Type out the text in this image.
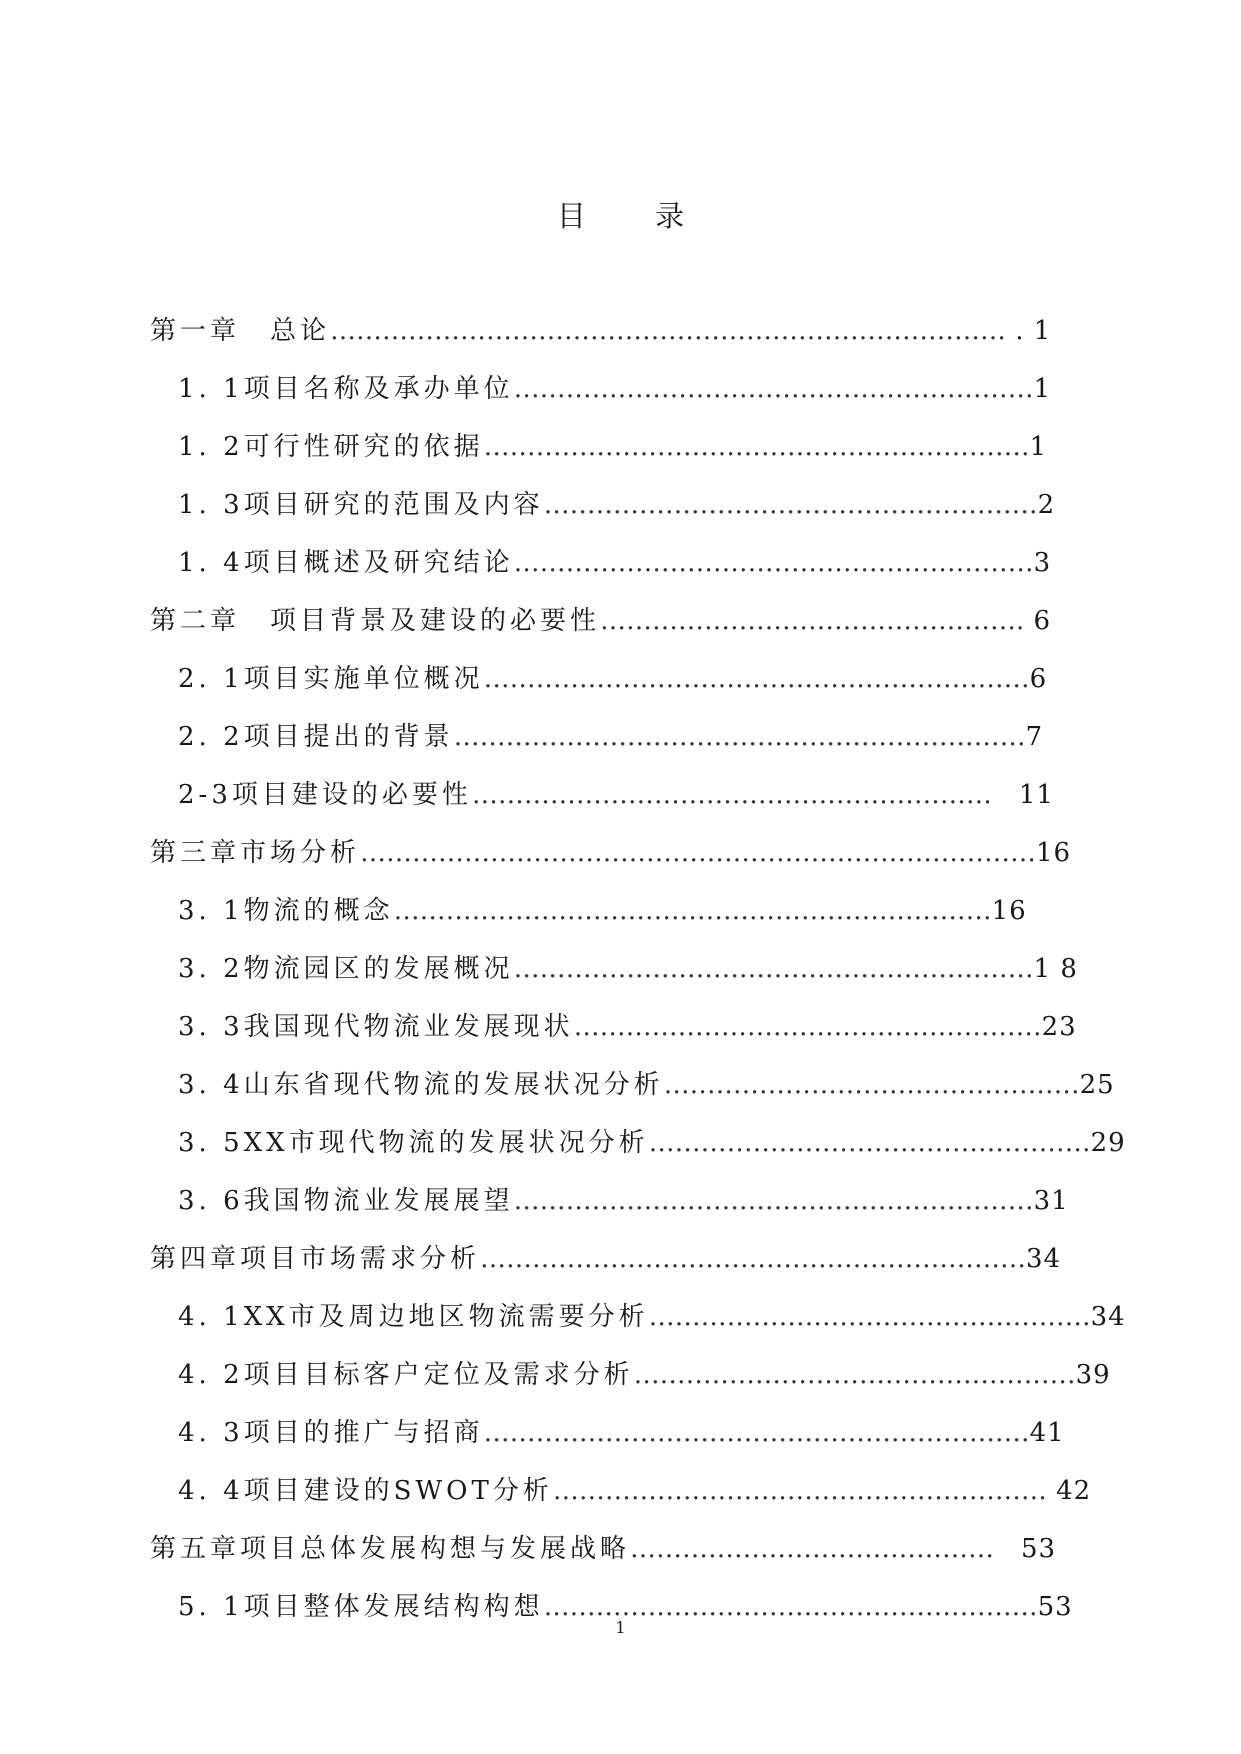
目 录
第一章　总论…………………………………………………………………… . 1
1. 1项目名称及承办单位……………………………………………………1
1. 2可行性研究的依据………………………………………………………1
1. 3项目研究的范围及内容…………………………………………………2
1. 4项目概述及研究结论……………………………………………………3
第二章　项目背景及建设的必要性…………………………………………. 6
2. 1项目实施单位概况………………………………………………………6
2. 2项目提出的背景…………………………………………………………7
2-3项目建设的必要性……………………………………………………　11
第三章市场分析……………………………………………………………………16
3. 1物流的概念……………………………………………………………16
3. 2物流园区的发展概况……………………………………………………1 8
3. 3我国现代物流业发展现状………………………………………………23
3. 4山东省现代物流的发展状况分析…………………………………………25
3. 5XX市现代物流的发展状况分析……………………………………………29
3. 6我国物流业发展展望……………………………………………………31
第四章项目市场需求分析………………………………………………………34
4. 1XX市及周边地区物流需要分析……………………………………………34
4. 2项目目标客户定位及需求分析……………………………………………39
4. 3项目的推广与招商………………………………………………………41
4. 4项目建设的SWOT分析………………………………………………… 42
第五章项目总体发展构想与发展战略……………………………………　53
5. 1项目整体发展结构构想…………………………………………………53
1
